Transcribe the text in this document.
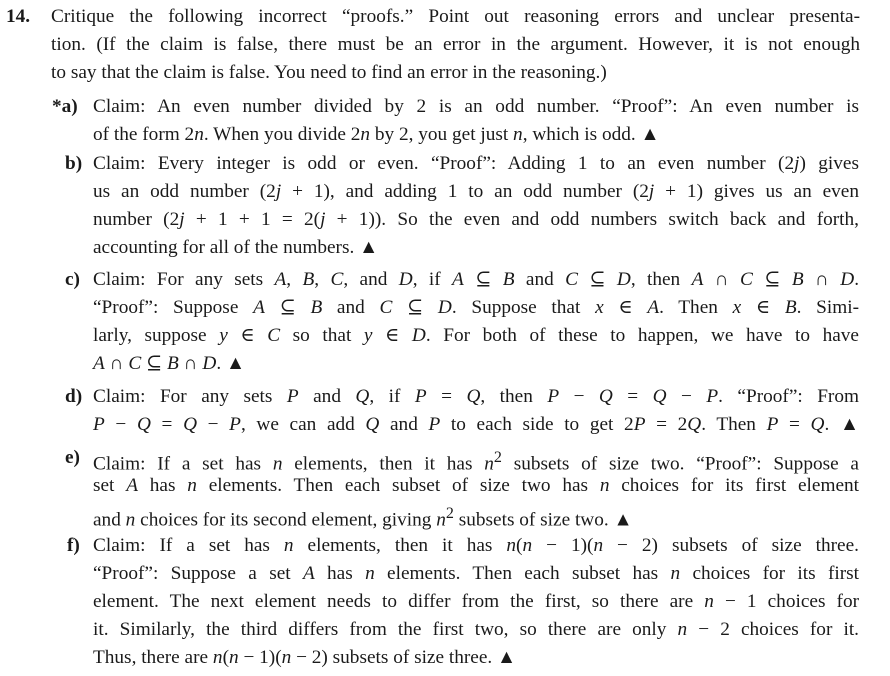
14. Critique the following incorrect “proofs.” Point out reasoning errors and unclear presenta-
tion. (If the claim is false, there must be an error in the argument. However, it is not enough
to say that the claim is false. You need to find an error in the reasoning.)
*a) Claim: An even number divided by 2 is an odd number. “Proof”: An even number is
of the form 2n. When you divide 2n by 2, you get just n, which is odd. ▲
b) Claim: Every integer is odd or even. “Proof”: Adding 1 to an even number (2j) gives
us an odd number (2j + 1), and adding 1 to an odd number (2j + 1) gives us an even
number (2j + 1 + 1 = 2(j + 1)). So the even and odd numbers switch back and forth,
accounting for all of the numbers. ▲
c) Claim: For any sets A, B, C, and D, if A ⊆ B and C ⊆ D, then A ∩ C ⊆ B ∩ D.
“Proof”: Suppose A ⊆ B and C ⊆ D. Suppose that x ∈ A. Then x ∈ B. Simi-
larly, suppose y ∈ C so that y ∈ D. For both of these to happen, we have to have
A ∩ C ⊆ B ∩ D. ▲
d) Claim: For any sets P and Q, if P = Q, then P − Q = Q − P. “Proof”: From
P − Q = Q − P, we can add Q and P to each side to get 2P = 2Q. Then P = Q. ▲
e) Claim: If a set has n elements, then it has $n^2$ subsets of size two. “Proof”: Suppose a
set A has n elements. Then each subset of size two has n choices for its first element
and n choices for its second element, giving $n^2$ subsets of size two. ▲
f) Claim: If a set has n elements, then it has n(n − 1)(n − 2) subsets of size three.
“Proof”: Suppose a set A has n elements. Then each subset has n choices for its first
element. The next element needs to differ from the first, so there are n − 1 choices for
it. Similarly, the third differs from the first two, so there are only n − 2 choices for it.
Thus, there are n(n − 1)(n − 2) subsets of size three. ▲
